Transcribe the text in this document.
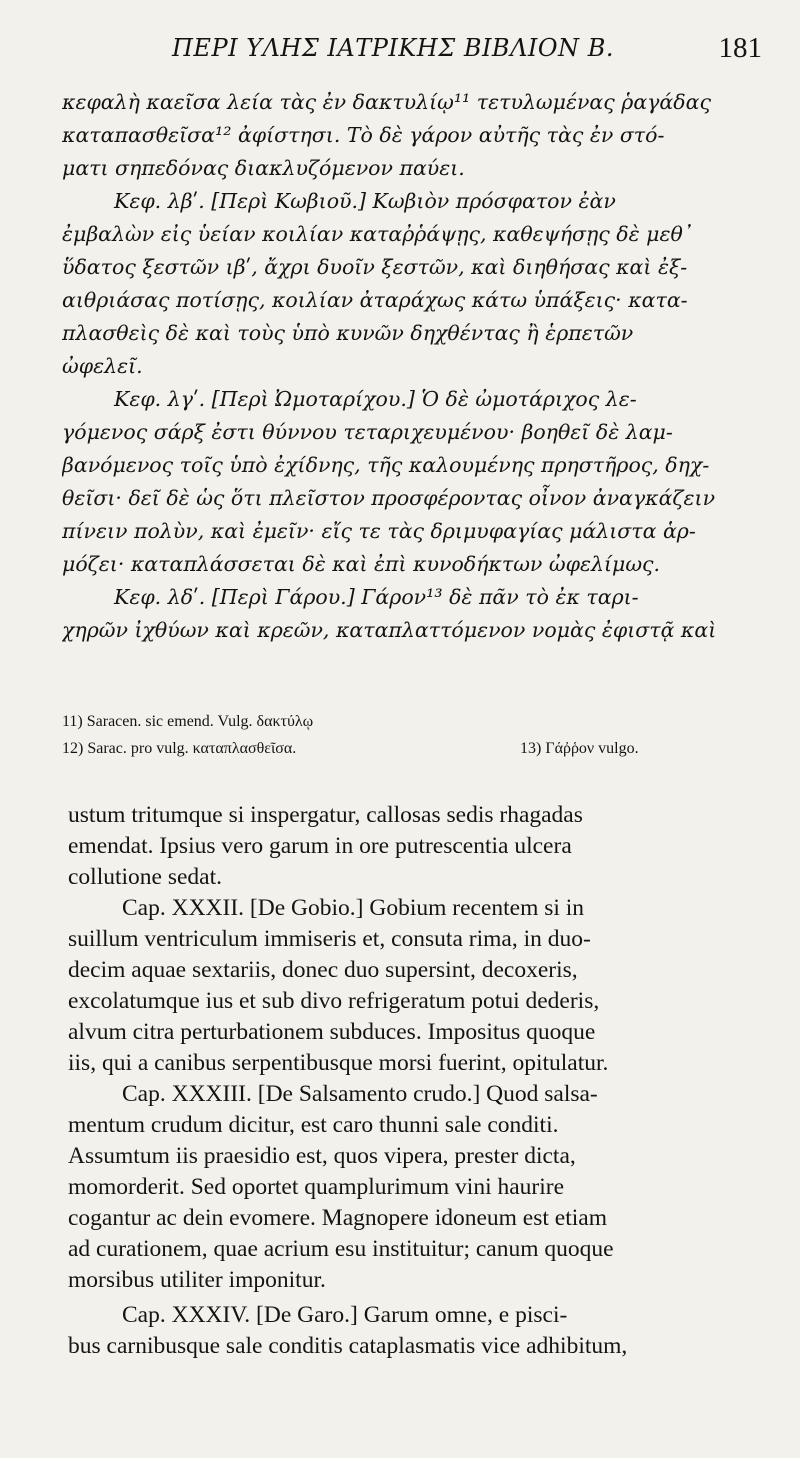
ΠΕΡΙ ΥΛΗΣ ΙΑΤΡΙΚΗΣ ΒΙΒΛΙΟΝ Β.	181
κεφαλὴ καεῖσα λεία τὰς ἐν δακτυλίῳ¹¹ τετυλωμένας ῥαγάδας
καταπασθεῖσα¹² ἀφίστησι. Τὸ δὲ γάρον αὐτῆς τὰς ἐν στό-
ματι σηπεδόνας διακλυζόμενον παύει.
Κεφ. λβʹ. [Περὶ Κωβιοῦ.] Κωβιὸν πρόσφατον ἐὰν
ἐμβαλὼν εἰς ὑείαν κοιλίαν καταῤῥάψῃς, καθεψήσῃς δὲ μεθ᾽
ὕδατος ξεστῶν ιβʹ, ἄχρι δυοῖν ξεστῶν, καὶ διηθήσας καὶ ἐξ-
αιθριάσας ποτίσῃς, κοιλίαν ἀταράχως κάτω ὑπάξεις· κατα-
πλασθεὶς δὲ καὶ τοὺς ὑπὸ κυνῶν δηχθέντας ἢ ἑρπετῶν
ὠφελεῖ.
Κεφ. λγʹ. [Περὶ Ὠμοταρίχου.] Ὁ δὲ ὠμοτάριχος λε-
γόμενος σάρξ ἐστι θύννου τεταριχευμένου· βοηθεῖ δὲ λαμ-
βανόμενος τοῖς ὑπὸ ἐχίδνης, τῆς καλουμένης πρηστῆρος, δηχ-
θεῖσι· δεῖ δὲ ὡς ὅτι πλεῖστον προσφέροντας οἶνον ἀναγκάζειν
πίνειν πολὺν, καὶ ἐμεῖν· εἴς τε τὰς δριμυφαγίας μάλιστα ἁρ-
μόζει· καταπλάσσεται δὲ καὶ ἐπὶ κυνοδήκτων ὠφελίμως.
Κεφ. λδʹ. [Περὶ Γάρου.] Γάρον¹³ δὲ πᾶν τὸ ἐκ ταρι-
χηρῶν ἰχθύων καὶ κρεῶν, καταπλαττόμενον νομὰς ἐφιστᾷ καὶ
11) Saracen. sic emend. Vulg. δακτύλῳ
12) Sarac. pro vulg. καταπλασθεῖσα.	13) Γάῤῥον vulgo.
ustum tritumque si inspergatur, callosas sedis rhagadas
emendat. Ipsius vero garum in ore putrescentia ulcera
collutione sedat.
Cap. XXXII. [De Gobio.] Gobium recentem si in
suillum ventriculum immiseris et, consuta rima, in duo-
decim aquae sextariis, donec duo supersint, decoxeris,
excolatumque ius et sub divo refrigeratum potui dederis,
alvum citra perturbationem subduces. Impositus quoque
iis, qui a canibus serpentibusque morsi fuerint, opitulatur.
Cap. XXXIII. [De Salsamento crudo.] Quod salsa-
mentum crudum dicitur, est caro thunni sale conditi.
Assumtum iis praesidio est, quos vipera, prester dicta,
momorderit. Sed oportet quamplurimum vini haurire
cogantur ac dein evomere. Magnopere idoneum est etiam
ad curationem, quae acrium esu instituitur; canum quoque
morsibus utiliter imponitur.
Cap. XXXIV. [De Garo.] Garum omne, e pisci-
bus carnibusque sale conditis cataplasmatis vice adhibitum,
